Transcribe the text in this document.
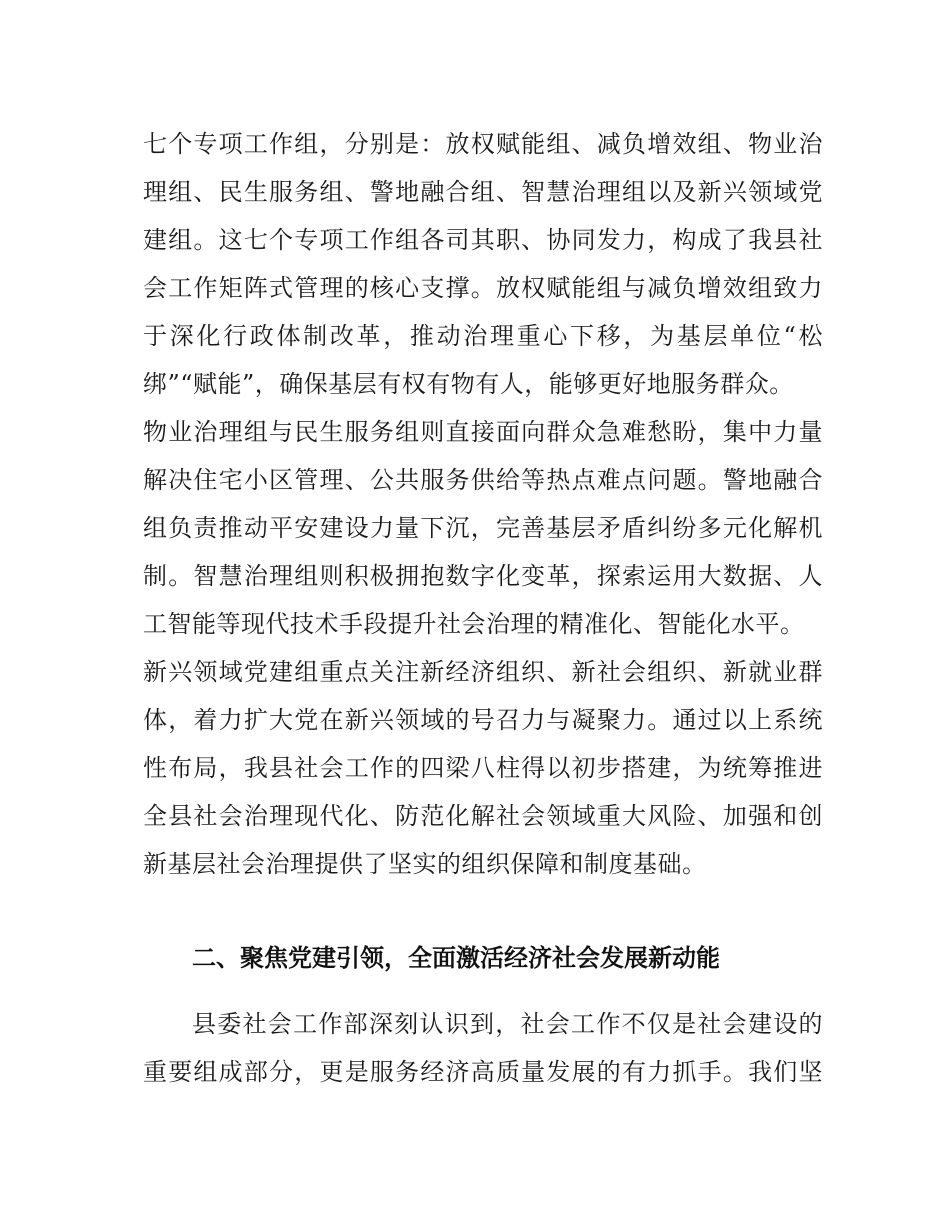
七个专项工作组，分别是：放权赋能组、减负增效组、物业治
理组、民生服务组、警地融合组、智慧治理组以及新兴领域党
建组。这七个专项工作组各司其职、协同发力，构成了我县社
会工作矩阵式管理的核心支撑。放权赋能组与减负增效组致力
于深化行政体制改革，推动治理重心下移，为基层单位“松
绑”“赋能”，确保基层有权有物有人，能够更好地服务群众。
物业治理组与民生服务组则直接面向群众急难愁盼，集中力量
解决住宅小区管理、公共服务供给等热点难点问题。警地融合
组负责推动平安建设力量下沉，完善基层矛盾纠纷多元化解机
制。智慧治理组则积极拥抱数字化变革，探索运用大数据、人
工智能等现代技术手段提升社会治理的精准化、智能化水平。
新兴领域党建组重点关注新经济组织、新社会组织、新就业群
体，着力扩大党在新兴领域的号召力与凝聚力。通过以上系统
性布局，我县社会工作的四梁八柱得以初步搭建，为统筹推进
全县社会治理现代化、防范化解社会领域重大风险、加强和创
新基层社会治理提供了坚实的组织保障和制度基础。
二、聚焦党建引领，全面激活经济社会发展新动能
县委社会工作部深刻认识到，社会工作不仅是社会建设的
重要组成部分，更是服务经济高质量发展的有力抓手。我们坚
